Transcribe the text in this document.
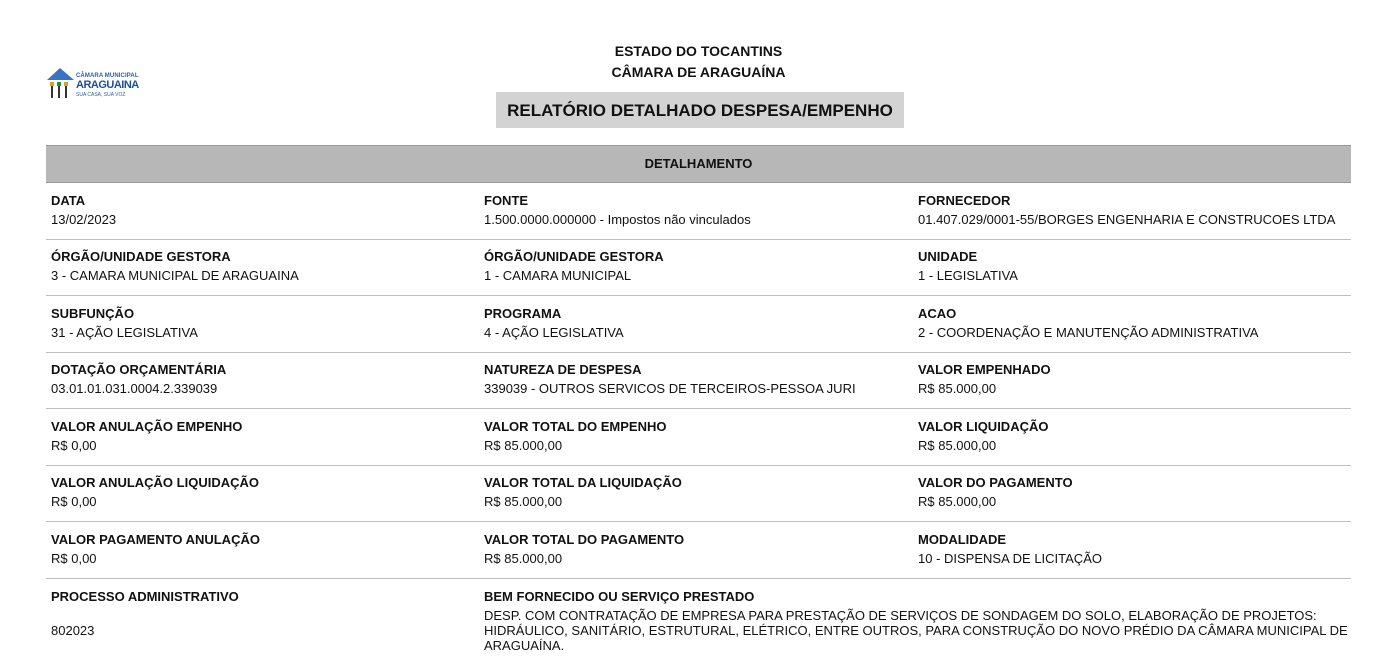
CÂMARA MUNICIPAL
ARAGUAINA
SUA CASA, SUA VOZ
ESTADO DO TOCANTINS
CÂMARA DE ARAGUAÍNA
RELATÓRIO DETALHADO DESPESA/EMPENHO
DETALHAMENTO
DATA
13/02/2023
FONTE
1.500.0000.000000 - Impostos não vinculados
FORNECEDOR
01.407.029/0001-55/BORGES ENGENHARIA E CONSTRUCOES LTDA
ÓRGÃO/UNIDADE GESTORA
3 - CAMARA MUNICIPAL DE ARAGUAINA
ÓRGÃO/UNIDADE GESTORA
1 - CAMARA MUNICIPAL
UNIDADE
1 - LEGISLATIVA
SUBFUNÇÃO
31 - AÇÃO LEGISLATIVA
PROGRAMA
4 - AÇÃO LEGISLATIVA
ACAO
2 - COORDENAÇÃO E MANUTENÇÃO ADMINISTRATIVA
DOTAÇÃO ORÇAMENTÁRIA
03.01.01.031.0004.2.339039
NATUREZA DE DESPESA
339039 - OUTROS SERVICOS DE TERCEIROS-PESSOA JURI
VALOR EMPENHADO
R$ 85.000,00
VALOR ANULAÇÃO EMPENHO
R$ 0,00
VALOR TOTAL DO EMPENHO
R$ 85.000,00
VALOR LIQUIDAÇÃO
R$ 85.000,00
VALOR ANULAÇÃO LIQUIDAÇÃO
R$ 0,00
VALOR TOTAL DA LIQUIDAÇÃO
R$ 85.000,00
VALOR DO PAGAMENTO
R$ 85.000,00
VALOR PAGAMENTO ANULAÇÃO
R$ 0,00
VALOR TOTAL DO PAGAMENTO
R$ 85.000,00
MODALIDADE
10 - DISPENSA DE LICITAÇÃO
PROCESSO ADMINISTRATIVO
802023
BEM FORNECIDO OU SERVIÇO PRESTADO
DESP. COM CONTRATAÇÃO DE EMPRESA PARA PRESTAÇÃO DE SERVIÇOS DE SONDAGEM DO SOLO, ELABORAÇÃO DE PROJETOS: HIDRÁULICO, SANITÁRIO, ESTRUTURAL, ELÉTRICO, ENTRE OUTROS, PARA CONSTRUÇÃO DO NOVO PRÉDIO DA CÂMARA MUNICIPAL DE ARAGUAÍNA.
